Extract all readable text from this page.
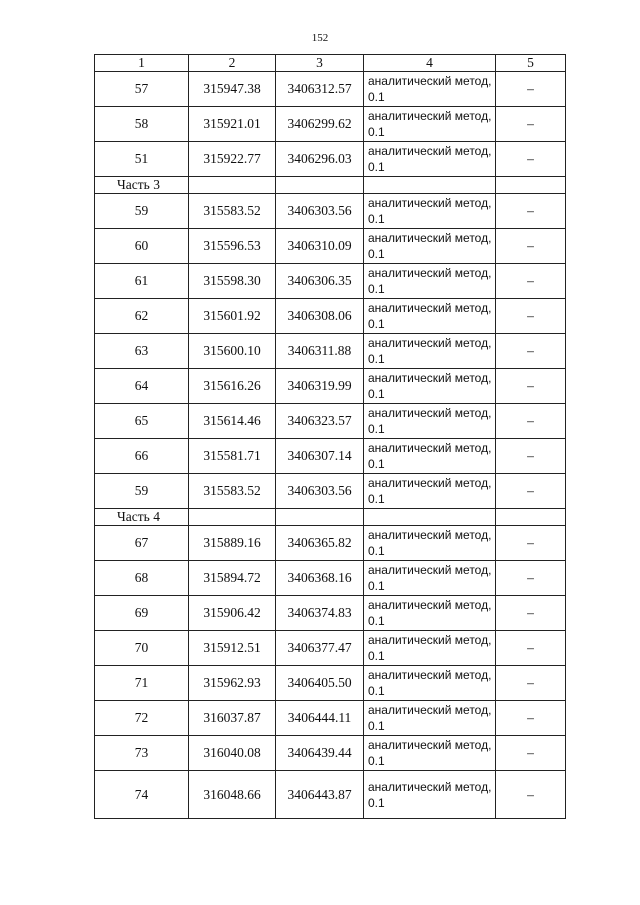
152
1	2	3	4	5
57	315947.38	3406312.57	аналитический метод, 0.1	–
58	315921.01	3406299.62	аналитический метод, 0.1	–
51	315922.77	3406296.03	аналитический метод, 0.1	–
Часть 3				
59	315583.52	3406303.56	аналитический метод, 0.1	–
60	315596.53	3406310.09	аналитический метод, 0.1	–
61	315598.30	3406306.35	аналитический метод, 0.1	–
62	315601.92	3406308.06	аналитический метод, 0.1	–
63	315600.10	3406311.88	аналитический метод, 0.1	–
64	315616.26	3406319.99	аналитический метод, 0.1	–
65	315614.46	3406323.57	аналитический метод, 0.1	–
66	315581.71	3406307.14	аналитический метод, 0.1	–
59	315583.52	3406303.56	аналитический метод, 0.1	–
Часть 4				
67	315889.16	3406365.82	аналитический метод, 0.1	–
68	315894.72	3406368.16	аналитический метод, 0.1	–
69	315906.42	3406374.83	аналитический метод, 0.1	–
70	315912.51	3406377.47	аналитический метод, 0.1	–
71	315962.93	3406405.50	аналитический метод, 0.1	–
72	316037.87	3406444.11	аналитический метод, 0.1	–
73	316040.08	3406439.44	аналитический метод, 0.1	–
74	316048.66	3406443.87	аналитический метод, 0.1	–
